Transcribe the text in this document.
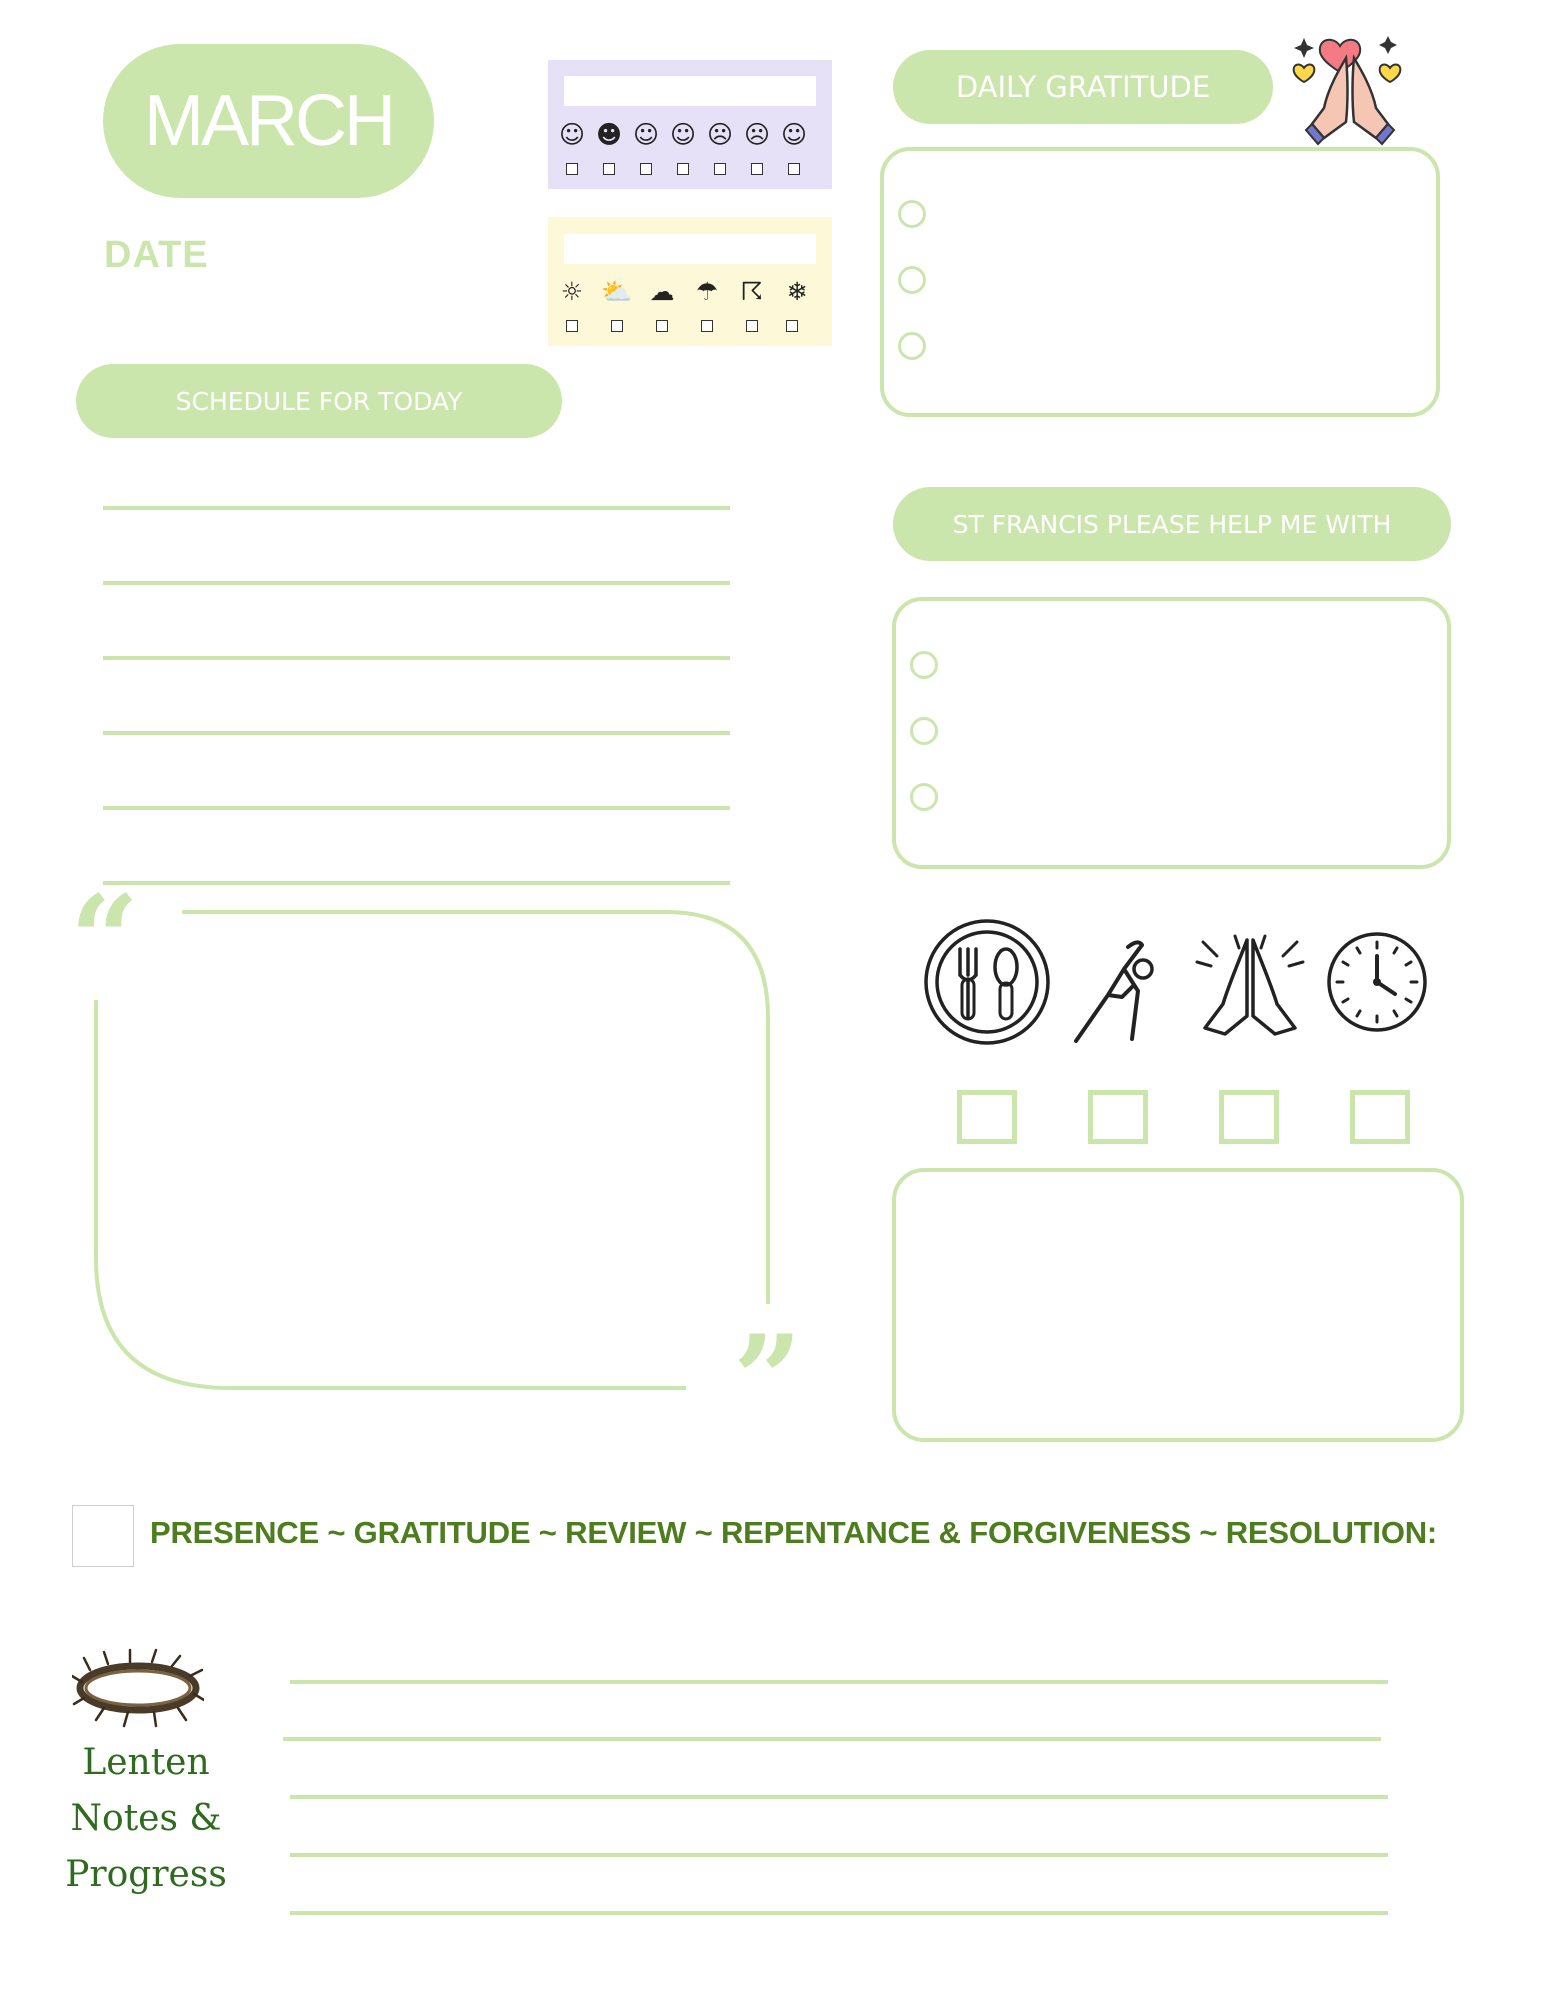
MARCH
DATE
☺ ☻ ☺ ☺ ☹ ☹ ☺
☼ ⛅ ☁ ☂ ☈ ❄
SCHEDULE FOR TODAY
DAILY GRATITUDE
ST FRANCIS PLEASE HELP ME WITH
“
”
PRESENCE ~ GRATITUDE ~ REVIEW ~ REPENTANCE & FORGIVENESS ~ RESOLUTION:
Lenten
Notes &
Progress
